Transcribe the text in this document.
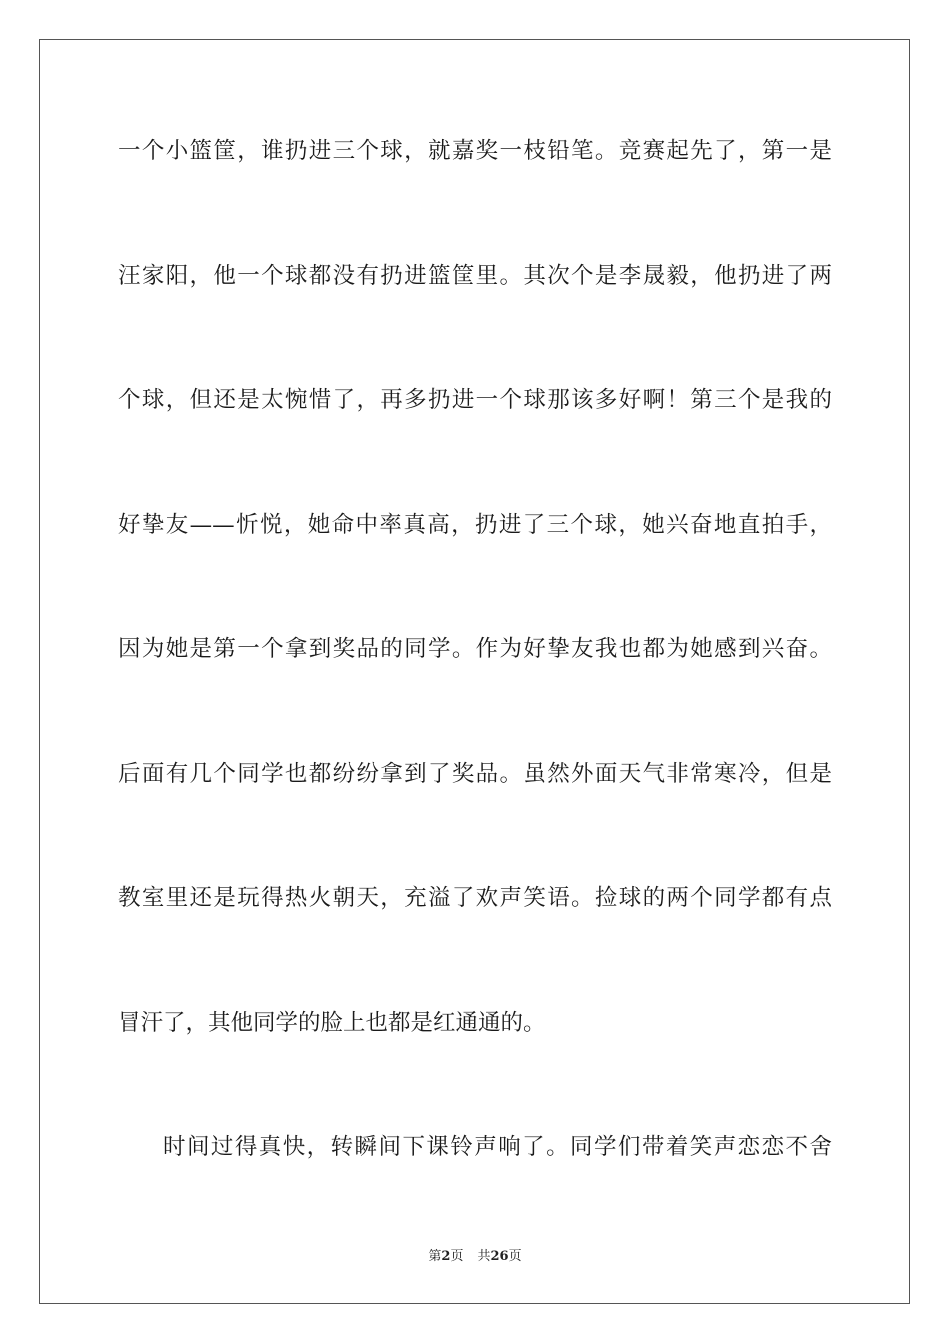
一个小篮筐，谁扔进三个球，就嘉奖一枝铅笔。竞赛起先了，第一是
汪家阳，他一个球都没有扔进篮筐里。其次个是李晟毅，他扔进了两
个球，但还是太惋惜了，再多扔进一个球那该多好啊！第三个是我的
好挚友——忻悦，她命中率真高，扔进了三个球，她兴奋地直拍手，
因为她是第一个拿到奖品的同学。作为好挚友我也都为她感到兴奋。
后面有几个同学也都纷纷拿到了奖品。虽然外面天气非常寒冷，但是
教室里还是玩得热火朝天，充溢了欢声笑语。捡球的两个同学都有点
冒汗了，其他同学的脸上也都是红通通的。
时间过得真快，转瞬间下课铃声响了。同学们带着笑声恋恋不舍
第2页 共26页
